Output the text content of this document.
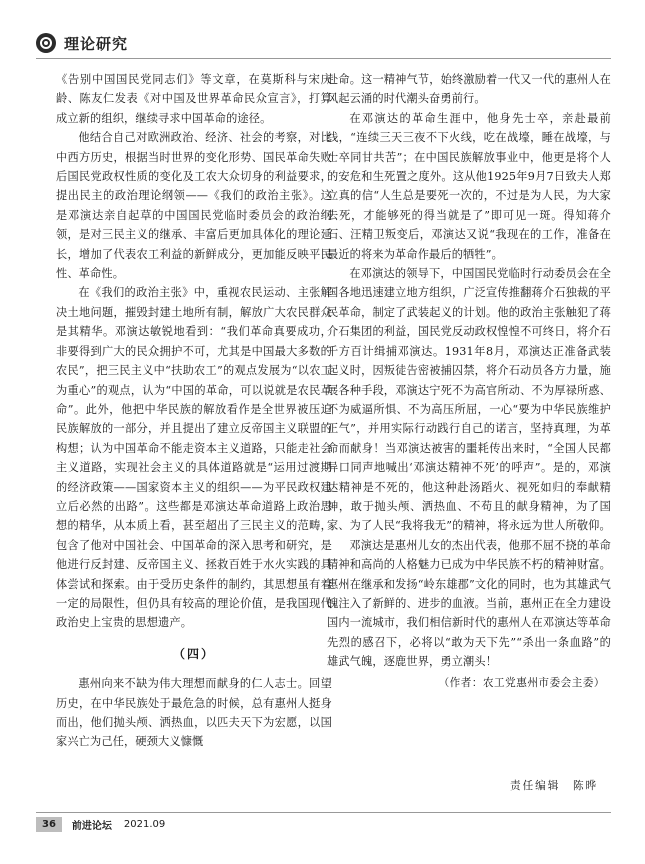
理论研究

《告别中国国民党同志们》等文章，在莫斯科与宋庆龄、陈友仁发表《对中国及世界革命民众宣言》，打算成立新的组织，继续寻求中国革命的途径。

他结合自己对欧洲政治、经济、社会的考察，对比中西方历史，根据当时世界的变化形势、国民革命失败后国民党政权性质的变化及工农大众切身的利益要求，提出民主的政治理论纲领——《我们的政治主张》。这是邓演达亲自起草的中国国民党临时委员会的政治纲领，是对三民主义的继承、丰富后更加具体化的理论延长，增加了代表农工利益的新鲜成分，更加能反映平民性、革命性。

在《我们的政治主张》中，重视农民运动、主张解决土地问题，摧毁封建土地所有制，解放广大农民群众是其精华。邓演达敏锐地看到：“我们革命真要成功，非要得到广大的民众拥护不可，尤其是中国最大多数的农民”，把三民主义中“扶助农工”的观点发展为“以农工为重心”的观点，认为“中国的革命，可以说就是农民革命”。此外，他把中华民族的解放看作是全世界被压迫民族解放的一部分，并且提出了建立反帝国主义联盟的构想；认为中国革命不能走资本主义道路，只能走社会主义道路，实现社会主义的具体道路就是“运用过渡期的经济政策——国家资本主义的组织——为平民政权建立后必然的出路”。这些都是邓演达革命道路上政治思想的精华，从本质上看，甚至超出了三民主义的范畴，包含了他对中国社会、中国革命的深入思考和研究，是他进行反封建、反帝国主义、拯救百姓于水火实践的具体尝试和探索。由于受历史条件的制约，其思想虽有着一定的局限性，但仍具有较高的理论价值，是我国现代政治史上宝贵的思想遗产。

（四）

惠州向来不缺为伟大理想而献身的仁人志士。回望历史，在中华民族处于最危急的时候，总有惠州人挺身而出，他们抛头颅、洒热血，以匹夫天下为宏愿，以国家兴亡为己任，硬颈大义慷慨

赴命。这一精神气节，始终激励着一代又一代的惠州人在风起云涌的时代潮头奋勇前行。

在邓演达的革命生涯中，他身先士卒，亲赴最前线，“连续三天三夜不下火线，吃在战壕，睡在战壕，与士卒同甘共苦”；在中国民族解放事业中，他更是将个人的安危和生死置之度外。这从他1925年9月7日致夫人郑立真的信“人生总是要死一次的，不过是为人民，为大家去死，才能够死的得当就是了”即可见一斑。得知蒋介石、汪精卫叛变后，邓演达又说“我现在的工作，准备在最近的将来为革命作最后的牺牲”。

在邓演达的领导下，中国国民党临时行动委员会在全国各地迅速建立地方组织，广泛宣传推翻蒋介石独裁的平民革命，制定了武装起义的计划。他的政治主张触犯了蒋介石集团的利益，国民党反动政权惶惶不可终日，将介石千方百计缉捕邓演达。1931年8月，邓演达正准备武装起义时，因叛徒告密被捕囚禁，将介石动员各方力量，施展各种手段，邓演达宁死不为高官所动、不为厚禄所惑、不为威逼所惧、不为高压所屈，一心“要为中华民族维护正气”，并用实际行动践行自己的诺言，坚持真理，为革命而献身！当邓演达被害的噩耗传出来时，“全国人民都异口同声地喊出‘邓演达精神不死’的呼声”。是的，邓演达精神是不死的，他这种赴汤蹈火、视死如归的奉献精神，敢于抛头颅、洒热血、不苟且的献身精神，为了国家、为了人民“我将我无”的精神，将永远为世人所敬仰。

邓演达是惠州儿女的杰出代表，他那不屈不挠的革命精神和高尚的人格魅力已成为中华民族不朽的精神财富。惠州在继承和发扬“岭东雄郡”文化的同时，也为其雄武气魄注入了新鲜的、进步的血液。当前，惠州正在全力建设国内一流城市，我们相信新时代的惠州人在邓演达等革命先烈的感召下，必将以“敢为天下先”“杀出一条血路”的雄武气魄，逐鹿世界，勇立潮头！

（作者：农工党惠州市委会主委）
责任编辑　陈晔
36	前进论坛 2021.09
